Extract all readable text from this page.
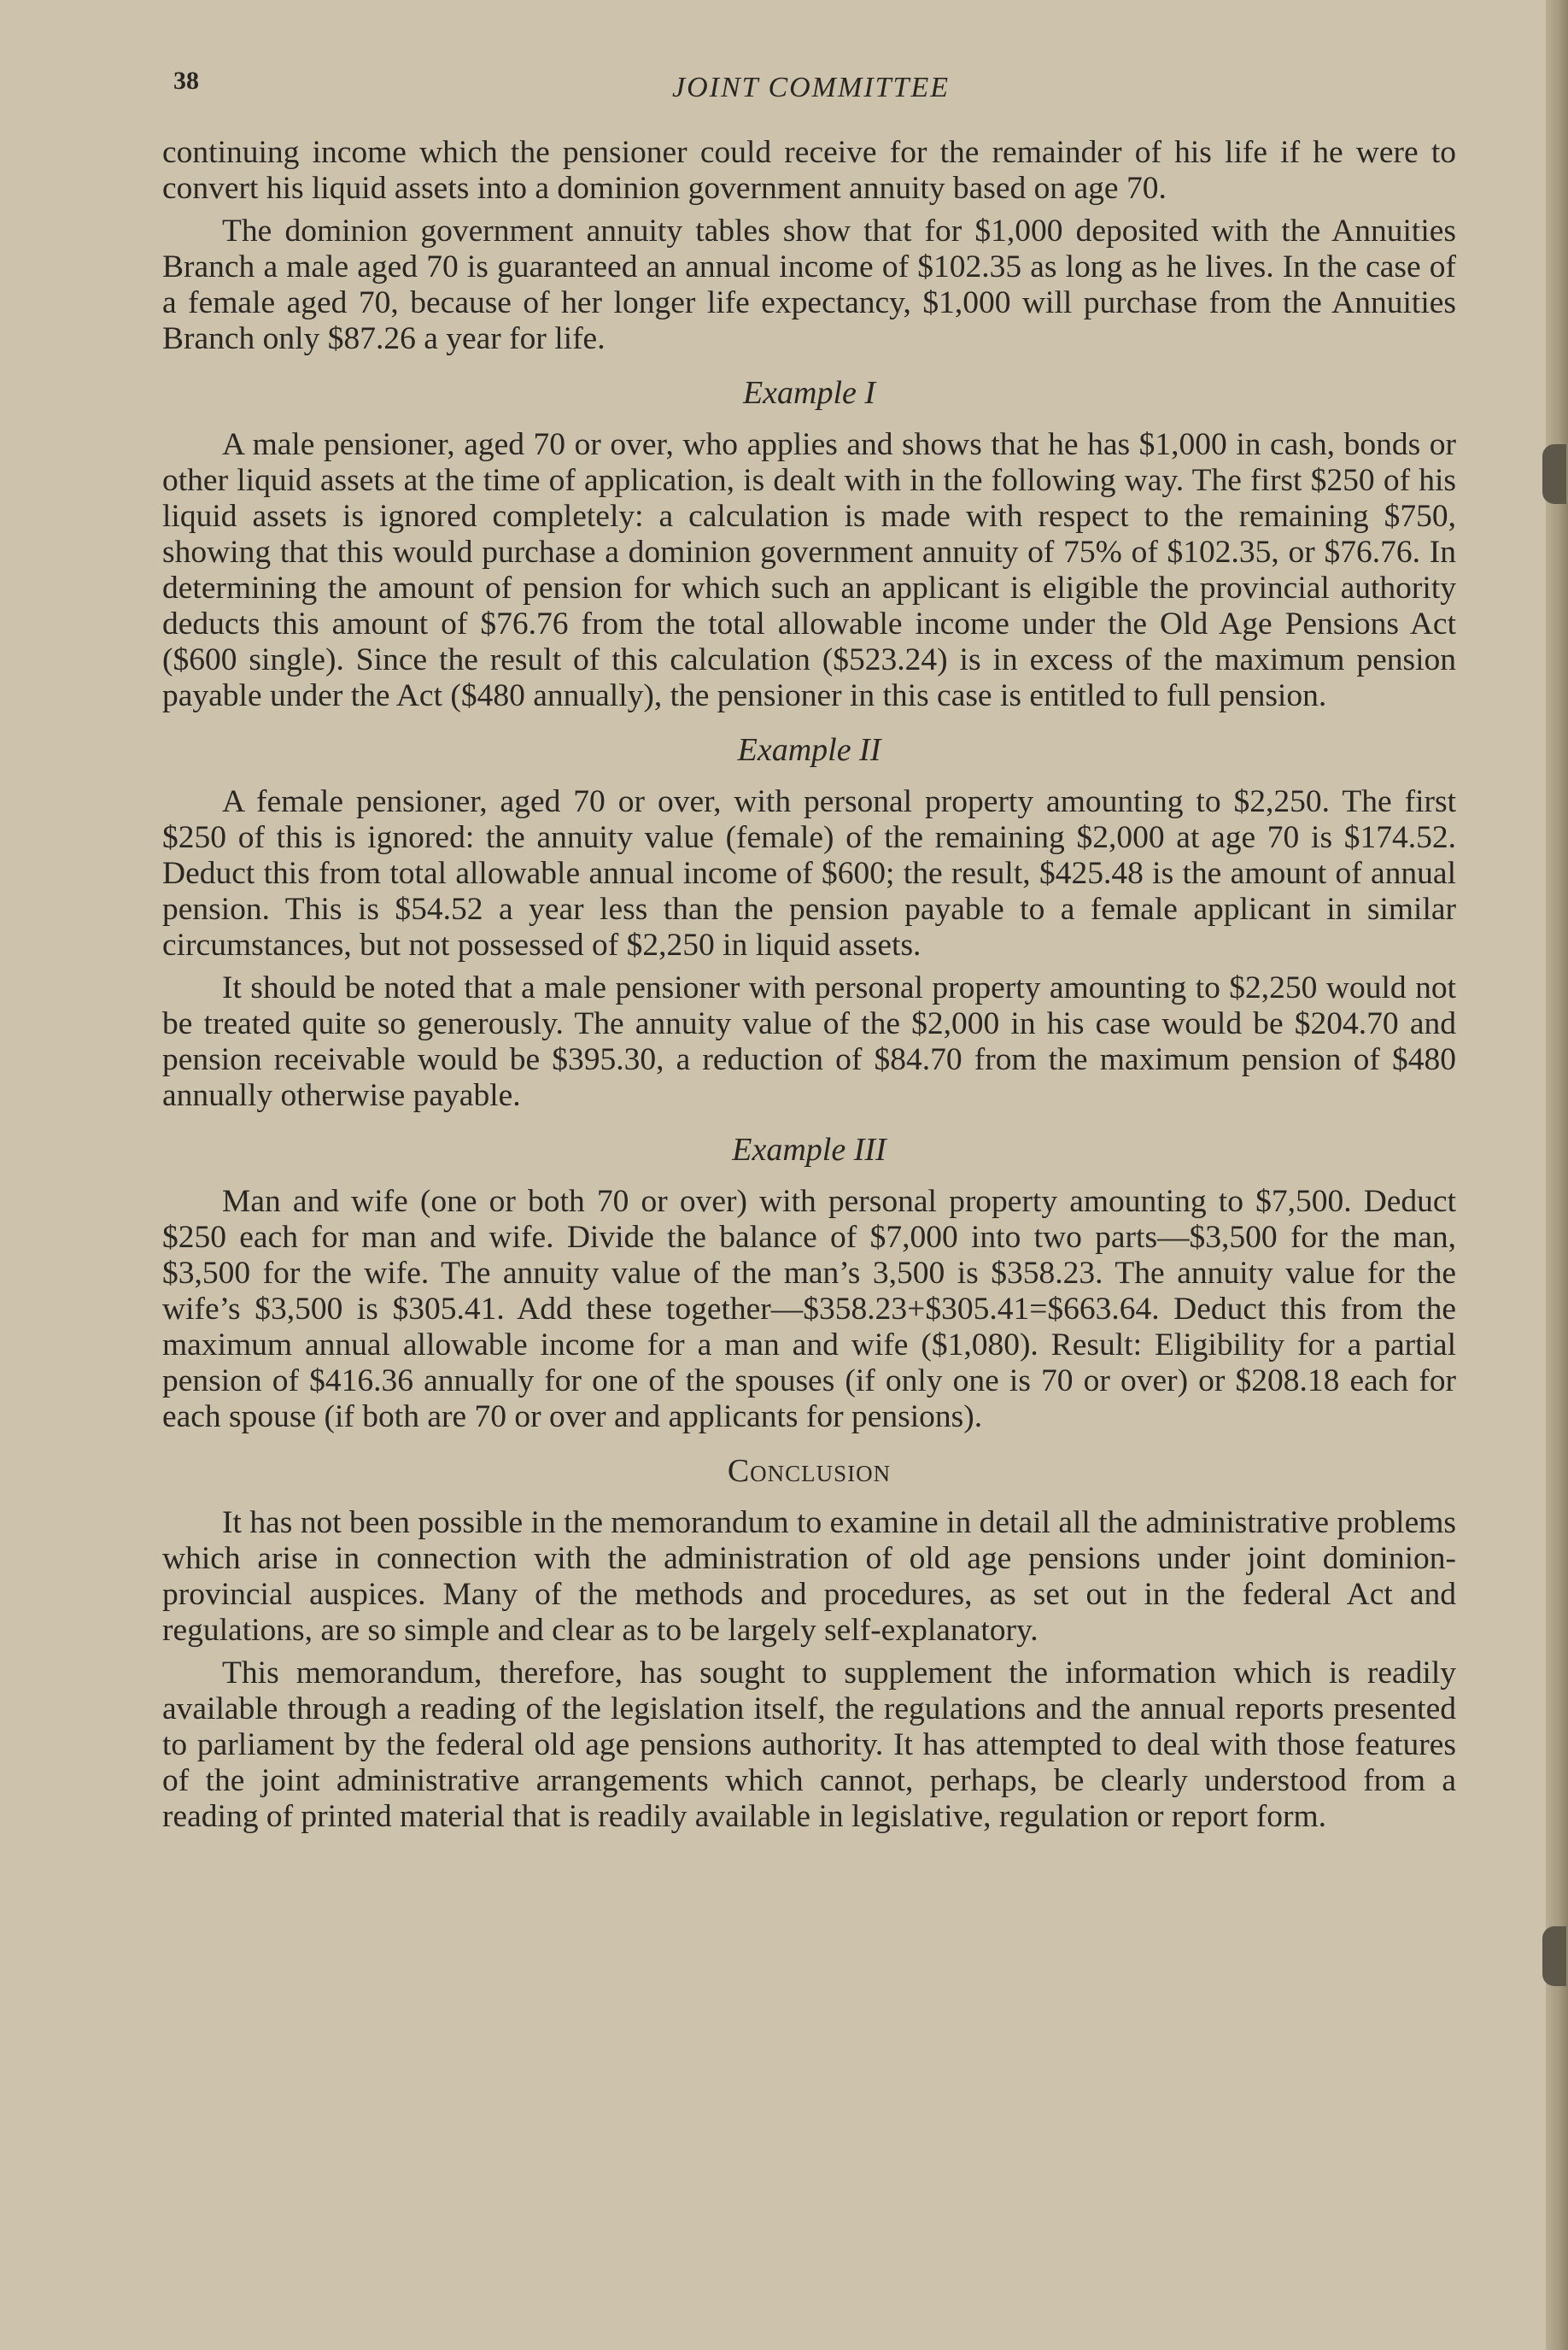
38	JOINT COMMITTEE

continuing income which the pensioner could receive for the remainder of his life if he were to convert his liquid assets into a dominion government annuity based on age 70.

The dominion government annuity tables show that for $1,000 deposited with the Annuities Branch a male aged 70 is guaranteed an annual income of $102.35 as long as he lives. In the case of a female aged 70, because of her longer life expectancy, $1,000 will purchase from the Annuities Branch only $87.26 a year for life.

Example I

A male pensioner, aged 70 or over, who applies and shows that he has $1,000 in cash, bonds or other liquid assets at the time of application, is dealt with in the following way. The first $250 of his liquid assets is ignored completely: a calculation is made with respect to the remaining $750, showing that this would purchase a dominion government annuity of 75% of $102.35, or $76.76. In determining the amount of pension for which such an applicant is eligible the provincial authority deducts this amount of $76.76 from the total allowable income under the Old Age Pensions Act ($600 single). Since the result of this calculation ($523.24) is in excess of the maximum pension payable under the Act ($480 annually), the pensioner in this case is entitled to full pension.

Example II

A female pensioner, aged 70 or over, with personal property amounting to $2,250. The first $250 of this is ignored: the annuity value (female) of the remaining $2,000 at age 70 is $174.52. Deduct this from total allowable annual income of $600; the result, $425.48 is the amount of annual pension. This is $54.52 a year less than the pension payable to a female applicant in similar circumstances, but not possessed of $2,250 in liquid assets.

It should be noted that a male pensioner with personal property amounting to $2,250 would not be treated quite so generously. The annuity value of the $2,000 in his case would be $204.70 and pension receivable would be $395.30, a reduction of $84.70 from the maximum pension of $480 annually otherwise payable.

Example III

Man and wife (one or both 70 or over) with personal property amounting to $7,500. Deduct $250 each for man and wife. Divide the balance of $7,000 into two parts—$3,500 for the man, $3,500 for the wife. The annuity value of the man’s 3,500 is $358.23. The annuity value for the wife’s $3,500 is $305.41. Add these together—$358.23+$305.41=$663.64. Deduct this from the maximum annual allowable income for a man and wife ($1,080). Result: Eligibility for a partial pension of $416.36 annually for one of the spouses (if only one is 70 or over) or $208.18 each for each spouse (if both are 70 or over and applicants for pensions).

Conclusion

It has not been possible in the memorandum to examine in detail all the administrative problems which arise in connection with the administration of old age pensions under joint dominion-provincial auspices. Many of the methods and procedures, as set out in the federal Act and regulations, are so simple and clear as to be largely self-explanatory.

This memorandum, therefore, has sought to supplement the information which is readily available through a reading of the legislation itself, the regulations and the annual reports presented to parliament by the federal old age pensions authority. It has attempted to deal with those features of the joint administrative arrangements which cannot, perhaps, be clearly understood from a reading of printed material that is readily available in legislative, regulation or report form.
